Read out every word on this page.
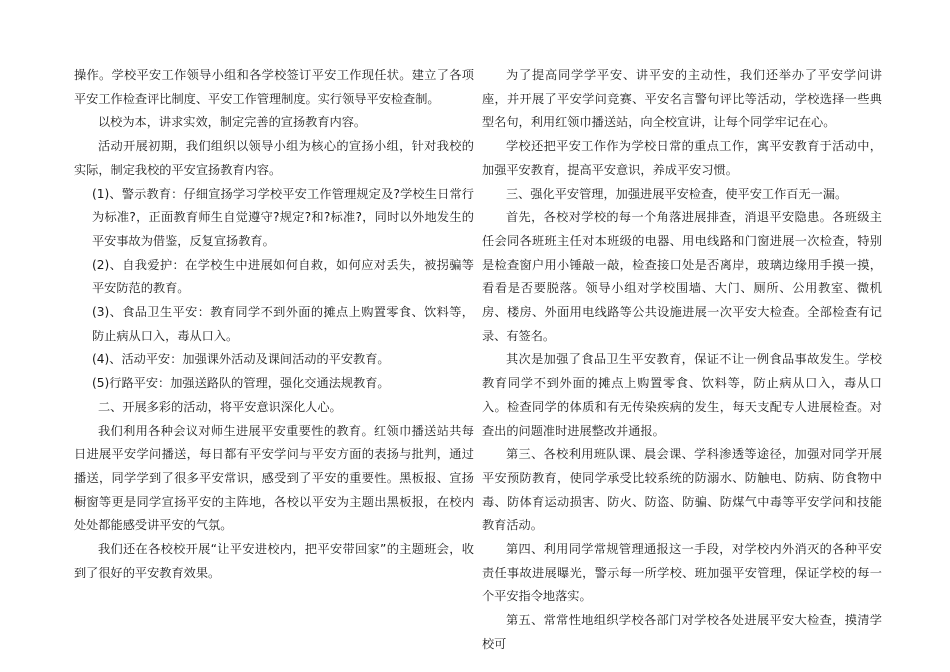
操作。学校平安工作领导小组和各学校签订平安工作现任状。建立了各项平安工作检查评比制度、平安工作管理制度。实行领导平安检查制。

以校为本，讲求实效，制定完善的宣扬教育内容。

活动开展初期，我们组织以领导小组为核心的宣扬小组，针对我校的实际，制定我校的平安宣扬教育内容。

(1)、警示教育：仔细宣扬学习学校平安工作管理规定及?学校生日常行为标准?，正面教育师生自觉遵守?规定?和?标准?，同时以外地发生的平安事故为借鉴，反复宣扬教育。

(2)、自我爱护：在学校生中进展如何自救，如何应对丢失，被拐骗等平安防范的教育。

(3)、食品卫生平安：教育同学不到外面的摊点上购置零食、饮料等，防止病从口入，毒从口入。

(4)、活动平安：加强课外活动及课间活动的平安教育。

(5)行路平安：加强送路队的管理，强化交通法规教育。

二、开展多彩的活动，将平安意识深化人心。

我们利用各种会议对师生进展平安重要性的教育。红领巾播送站共每日进展平安学问播送，每日都有平安学问与平安方面的表扬与批判，通过播送，同学学到了很多平安常识，感受到了平安的重要性。黑板报、宣扬橱窗等更是同学宣扬平安的主阵地，各校以平安为主题出黑板报，在校内处处都能感受讲平安的气氛。

我们还在各校校开展“让平安进校内，把平安带回家”的主题班会，收到了很好的平安教育效果。

为了提高同学学平安、讲平安的主动性，我们还举办了平安学问讲座，并开展了平安学问竞赛、平安名言警句评比等活动，学校选择一些典型名句，利用红领巾播送站，向全校宣讲，让每个同学牢记在心。

学校还把平安工作作为学校日常的重点工作，寓平安教育于活动中，加强平安教育，提高平安意识，养成平安习惯。

三、强化平安管理，加强进展平安检查，使平安工作百无一漏。

首先，各校对学校的每一个角落进展排查，消退平安隐患。各班级主任会同各班班主任对本班级的电器、用电线路和门窗进展一次检查，特别是检查窗户用小锤敲一敲，检查接口处是否离岸，玻璃边缘用手摸一摸，看看是否要脱落。领导小组对学校围墙、大门、厕所、公用教室、微机房、楼房、外面用电线路等公共设施进展一次平安大检查。全部检查有记录、有签名。

其次是加强了食品卫生平安教育，保证不让一例食品事故发生。学校教育同学不到外面的摊点上购置零食、饮料等，防止病从口入，毒从口入。检查同学的体质和有无传染疾病的发生，每天支配专人进展检查。对查出的问题准时进展整改并通报。

第三、各校利用班队课、晨会课、学科渗透等途径，加强对同学开展平安预防教育，使同学承受比较系统的防溺水、防触电、防病、防食物中毒、防体育运动损害、防火、防盗、防骗、防煤气中毒等平安学问和技能教育活动。

第四、利用同学常规管理通报这一手段，对学校内外消灭的各种平安责任事故进展曝光，警示每一所学校、班加强平安管理，保证学校的每一个平安指令地落实。

第五、常常性地组织学校各部门对学校各处进展平安大检查，摸清学校可
